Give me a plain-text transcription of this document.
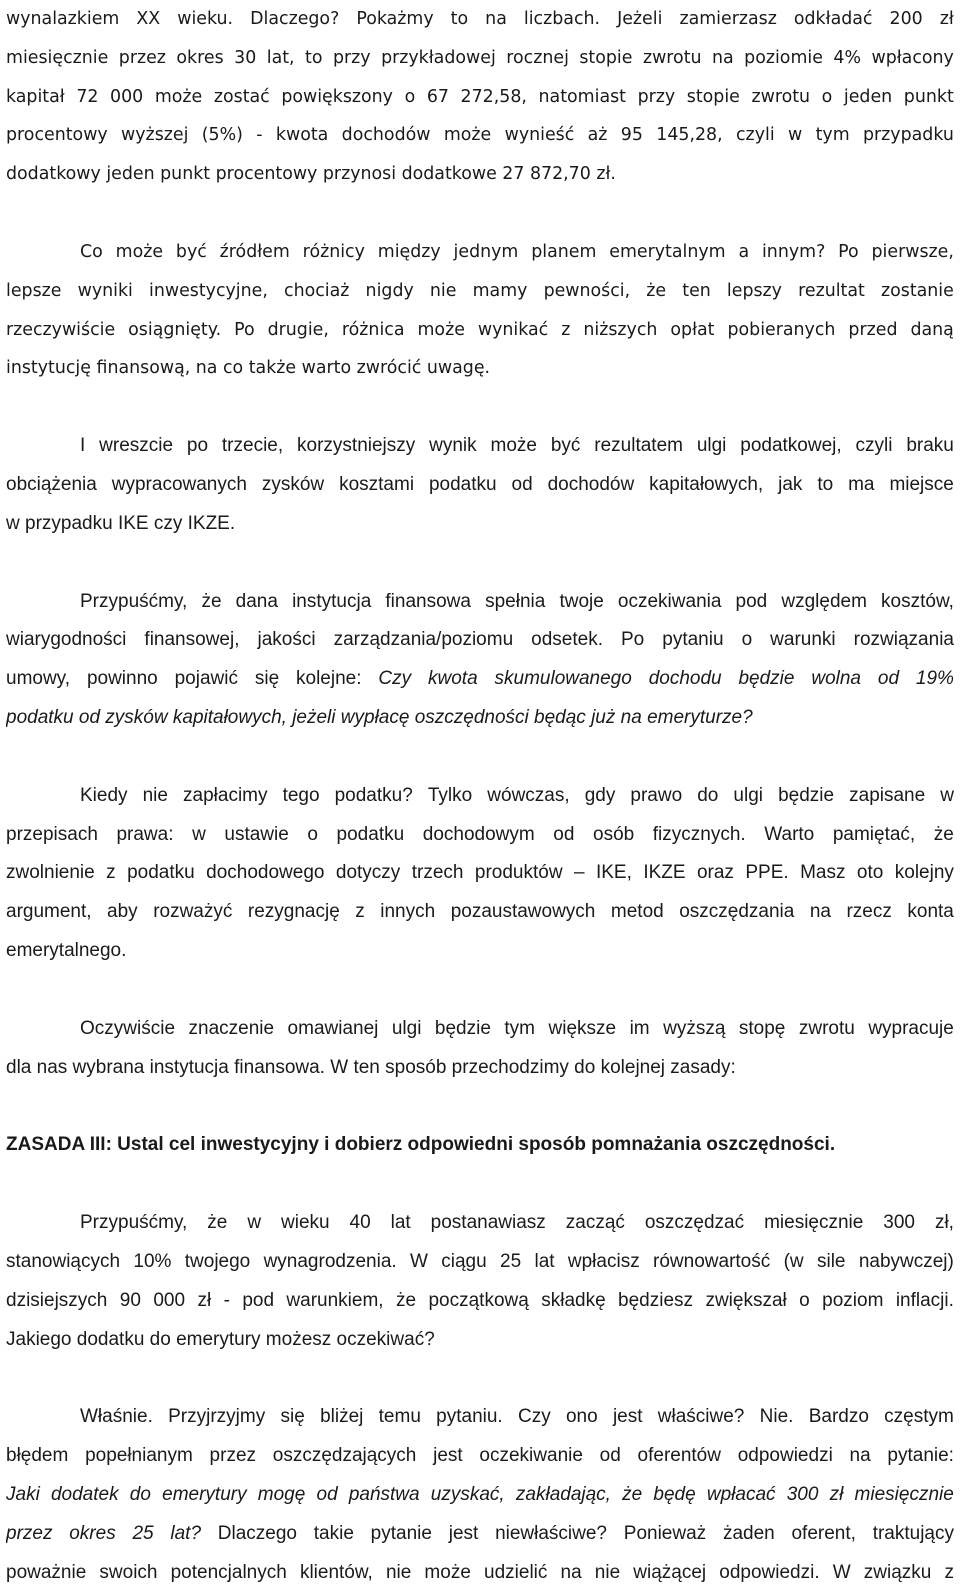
wynalazkiem XX wieku. Dlaczego? Pokażmy to na liczbach. Jeżeli zamierzasz odkładać 200 zł
miesięcznie przez okres 30 lat, to przy przykładowej rocznej stopie zwrotu na poziomie 4% wpłacony
kapitał 72 000 może zostać powiększony o 67 272,58, natomiast przy stopie zwrotu o jeden punkt
procentowy wyższej (5%) - kwota dochodów może wynieść aż 95 145,28, czyli w tym przypadku
dodatkowy jeden punkt procentowy przynosi dodatkowe 27 872,70 zł.
Co może być źródłem różnicy między jednym planem emerytalnym a innym? Po pierwsze,
lepsze wyniki inwestycyjne, chociaż nigdy nie mamy pewności, że ten lepszy rezultat zostanie
rzeczywiście osiągnięty. Po drugie, różnica może wynikać z niższych opłat pobieranych przed daną
instytucję finansową, na co także warto zwrócić uwagę.
I wreszcie po trzecie, korzystniejszy wynik może być rezultatem ulgi podatkowej, czyli braku
obciążenia wypracowanych zysków kosztami podatku od dochodów kapitałowych, jak to ma miejsce
w przypadku IKE czy IKZE.
Przypuśćmy, że dana instytucja finansowa spełnia twoje oczekiwania pod względem kosztów,
wiarygodności finansowej, jakości zarządzania/poziomu odsetek. Po pytaniu o warunki rozwiązania
umowy, powinno pojawić się kolejne: Czy kwota skumulowanego dochodu będzie wolna od 19%
podatku od zysków kapitałowych, jeżeli wypłacę oszczędności będąc już na emeryturze?
Kiedy nie zapłacimy tego podatku? Tylko wówczas, gdy prawo do ulgi będzie zapisane w
przepisach prawa: w ustawie o podatku dochodowym od osób fizycznych. Warto pamiętać, że
zwolnienie z podatku dochodowego dotyczy trzech produktów – IKE, IKZE oraz PPE. Masz oto kolejny
argument, aby rozważyć rezygnację z innych pozaustawowych metod oszczędzania na rzecz konta
emerytalnego.
Oczywiście znaczenie omawianej ulgi będzie tym większe im wyższą stopę zwrotu wypracuje
dla nas wybrana instytucja finansowa. W ten sposób przechodzimy do kolejnej zasady:
ZASADA III: Ustal cel inwestycyjny i dobierz odpowiedni sposób pomnażania oszczędności.
Przypuśćmy, że w wieku 40 lat postanawiasz zacząć oszczędzać miesięcznie 300 zł,
stanowiących 10% twojego wynagrodzenia. W ciągu 25 lat wpłacisz równowartość (w sile nabywczej)
dzisiejszych 90 000 zł - pod warunkiem, że początkową składkę będziesz zwiększał o poziom inflacji.
Jakiego dodatku do emerytury możesz oczekiwać?
Właśnie. Przyjrzyjmy się bliżej temu pytaniu. Czy ono jest właściwe? Nie. Bardzo częstym
błędem popełnianym przez oszczędzających jest oczekiwanie od oferentów odpowiedzi na pytanie:
Jaki dodatek do emerytury mogę od państwa uzyskać, zakładając, że będę wpłacać 300 zł miesięcznie
przez okres 25 lat? Dlaczego takie pytanie jest niewłaściwe? Ponieważ żaden oferent, traktujący
poważnie swoich potencjalnych klientów, nie może udzielić na nie wiążącej odpowiedzi. W związku z
